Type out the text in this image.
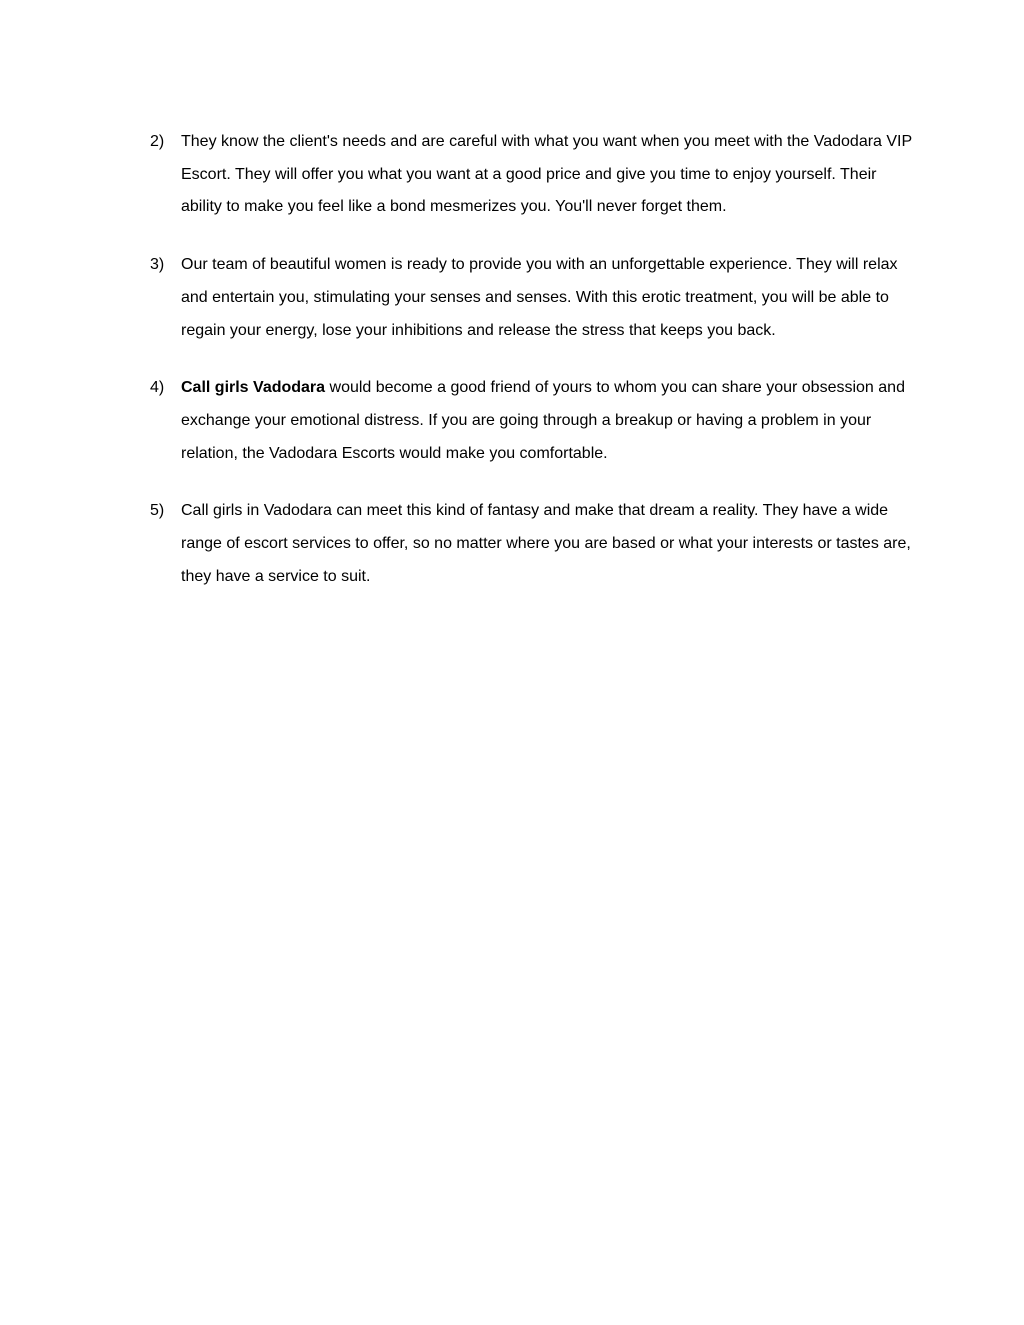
2)	They know the client's needs and are careful with what you want when you meet with the Vadodara VIP Escort. They will offer you what you want at a good price and give you time to enjoy yourself. Their ability to make you feel like a bond mesmerizes you. You'll never forget them.
3)	Our team of beautiful women is ready to provide you with an unforgettable experience. They will relax and entertain you, stimulating your senses and senses. With this erotic treatment, you will be able to regain your energy, lose your inhibitions and release the stress that keeps you back.
4)	Call girls Vadodara would become a good friend of yours to whom you can share your obsession and exchange your emotional distress. If you are going through a breakup or having a problem in your relation, the Vadodara Escorts would make you comfortable.
5)	Call girls in Vadodara can meet this kind of fantasy and make that dream a reality. They have a wide range of escort services to offer, so no matter where you are based or what your interests or tastes are, they have a service to suit.
